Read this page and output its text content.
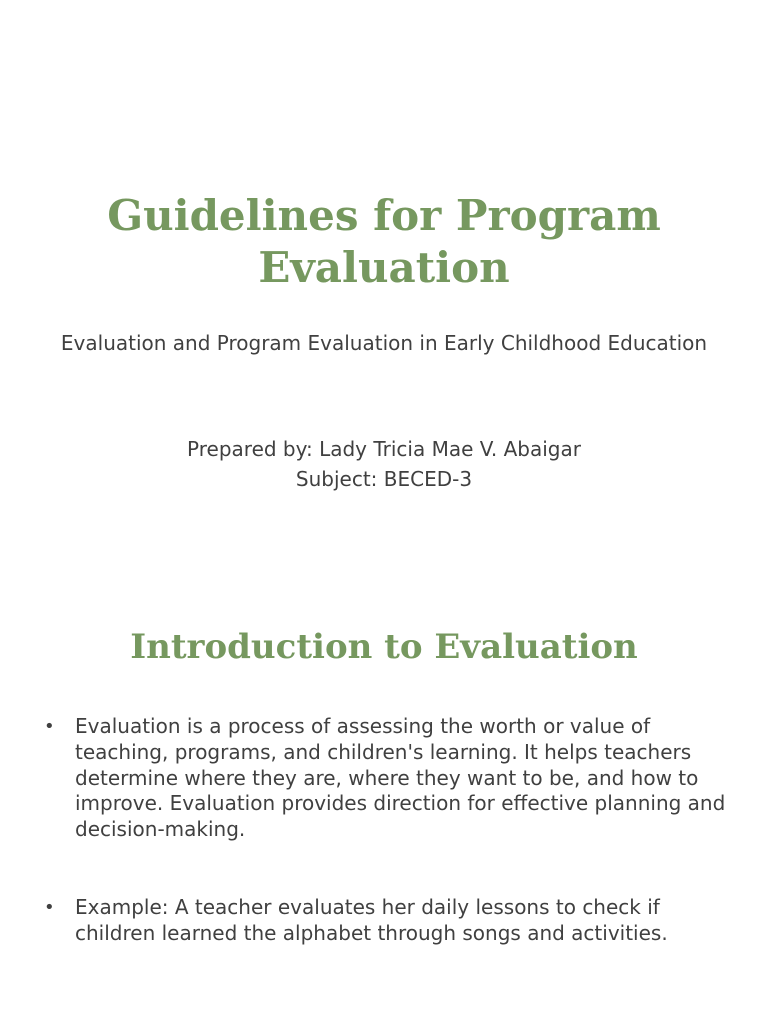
Guidelines for Program Evaluation

Evaluation and Program Evaluation in Early Childhood Education

Prepared by: Lady Tricia Mae V. Abaigar

Subject: BECED-3

Introduction to Evaluation
•	Evaluation is a process of assessing the worth or value of teaching, programs, and children's learning. It helps teachers determine where they are, where they want to be, and how to improve. Evaluation provides direction for effective planning and decision-making.
•	Example: A teacher evaluates her daily lessons to check if children learned the alphabet through songs and activities.
